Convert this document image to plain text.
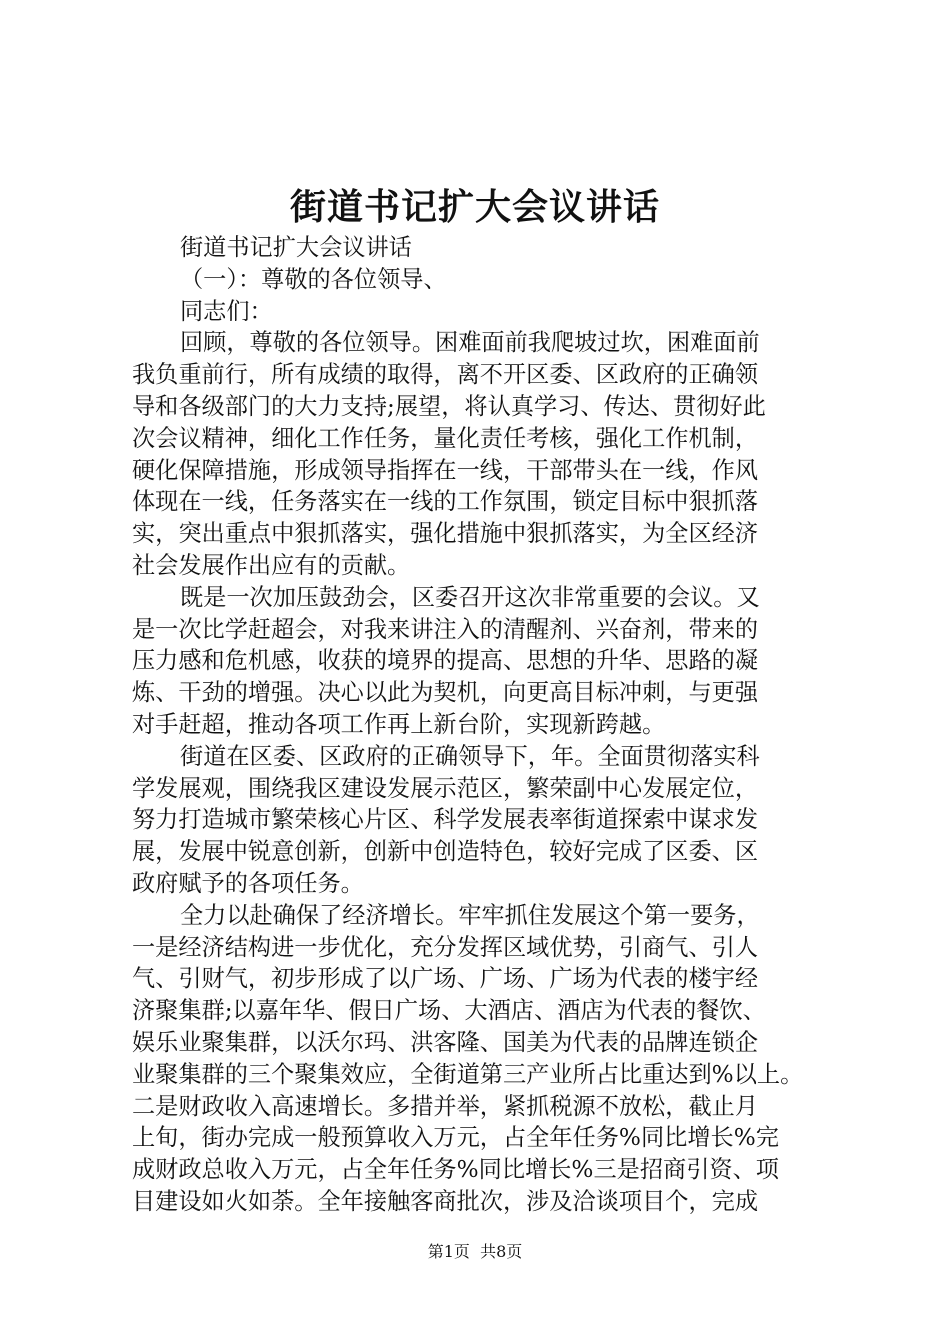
街道书记扩大会议讲话
街道书记扩大会议讲话
（一）：尊敬的各位领导、
同志们：
回顾，尊敬的各位领导。困难面前我爬坡过坎，困难面前
我负重前行，所有成绩的取得，离不开区委、区政府的正确领
导和各级部门的大力支持;展望，将认真学习、传达、贯彻好此
次会议精神，细化工作任务，量化责任考核，强化工作机制，
硬化保障措施，形成领导指挥在一线，干部带头在一线，作风
体现在一线，任务落实在一线的工作氛围，锁定目标中狠抓落
实，突出重点中狠抓落实，强化措施中狠抓落实，为全区经济
社会发展作出应有的贡献。
既是一次加压鼓劲会，区委召开这次非常重要的会议。又
是一次比学赶超会，对我来讲注入的清醒剂、兴奋剂，带来的
压力感和危机感，收获的境界的提高、思想的升华、思路的凝
炼、干劲的增强。决心以此为契机，向更高目标冲刺，与更强
对手赶超，推动各项工作再上新台阶，实现新跨越。
街道在区委、区政府的正确领导下，年。全面贯彻落实科
学发展观，围绕我区建设发展示范区，繁荣副中心发展定位，
努力打造城市繁荣核心片区、科学发展表率街道探索中谋求发
展，发展中锐意创新，创新中创造特色，较好完成了区委、区
政府赋予的各项任务。
全力以赴确保了经济增长。牢牢抓住发展这个第一要务，
一是经济结构进一步优化，充分发挥区域优势，引商气、引人
气、引财气，初步形成了以广场、广场、广场为代表的楼宇经
济聚集群;以嘉年华、假日广场、大酒店、酒店为代表的餐饮、
娱乐业聚集群，以沃尔玛、洪客隆、国美为代表的品牌连锁企
业聚集群的三个聚集效应，全街道第三产业所占比重达到%以上。
二是财政收入高速增长。多措并举，紧抓税源不放松，截止月
上旬，街办完成一般预算收入万元，占全年任务%同比增长%完
成财政总收入万元，占全年任务%同比增长%三是招商引资、项
目建设如火如荼。全年接触客商批次，涉及洽谈项目个，完成
第1页 共8页
